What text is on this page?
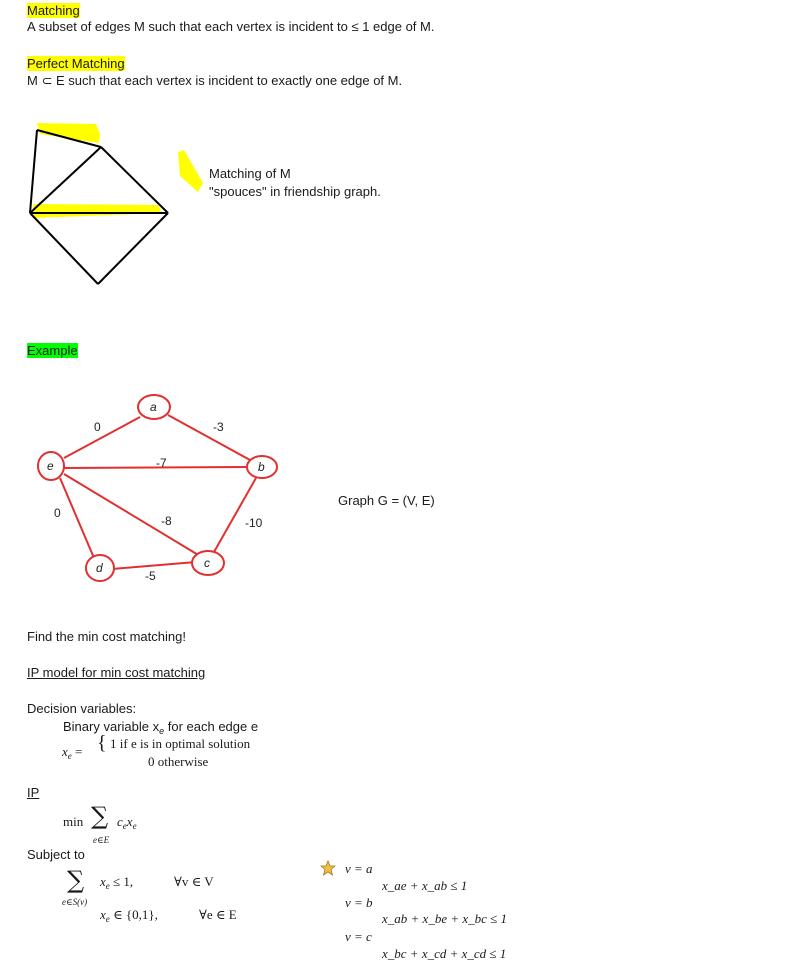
Matching
A subset of edges M such that each vertex is incident to ≤ 1 edge of M.
Perfect Matching
M ⊂ E such that each vertex is incident to exactly one edge of M.
Matching of M
"spouces" in friendship graph.
Example
a
b
c
d
e
0	-3
-7
0
-8	-10
-5
Graph G = (V, E)
Find the min cost matching!
IP model for min cost matching
Decision variables:
Binary variable $x_e$ for each edge e
$x_e$ = { 1 if e is in optimal solution
0 otherwise
IP
min ∑ $c_ex_e$
e∈E
Subject to
∑ $x_e \le 1$,	∀v ∈ V
e∈S(v)
$x_e$ ∈ {0,1},	∀e ∈ E
v = a
x_ae + x_ab ≤ 1
v = b
x_ab + x_be + x_bc ≤ 1
v = c
x_bc + x_cd + x_cd ≤ 1
